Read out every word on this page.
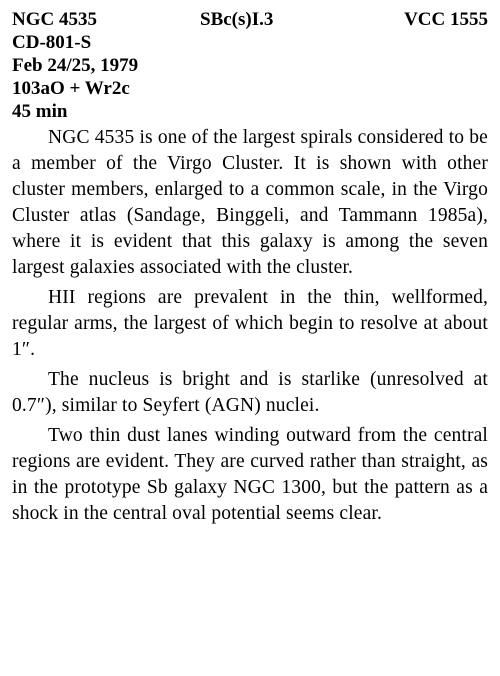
NGC 4535	SBc(s)I.3	VCC 1555
CD-801-S
Feb 24/25, 1979
103aO + Wr2c
45 min

NGC 4535 is one of the largest spirals considered to be a member of the Virgo Cluster. It is shown with other cluster members, enlarged to a common scale, in the Virgo Cluster atlas (Sandage, Binggeli, and Tammann 1985a), where it is evident that this galaxy is among the seven largest galaxies associated with the cluster.

HII regions are prevalent in the thin, wellformed, regular arms, the largest of which begin to resolve at about 1″.

The nucleus is bright and is starlike (unresolved at 0.7″), similar to Seyfert (AGN) nuclei.

Two thin dust lanes winding outward from the central regions are evident. They are curved rather than straight, as in the prototype Sb galaxy NGC 1300, but the pattern as a shock in the central oval potential seems clear.
